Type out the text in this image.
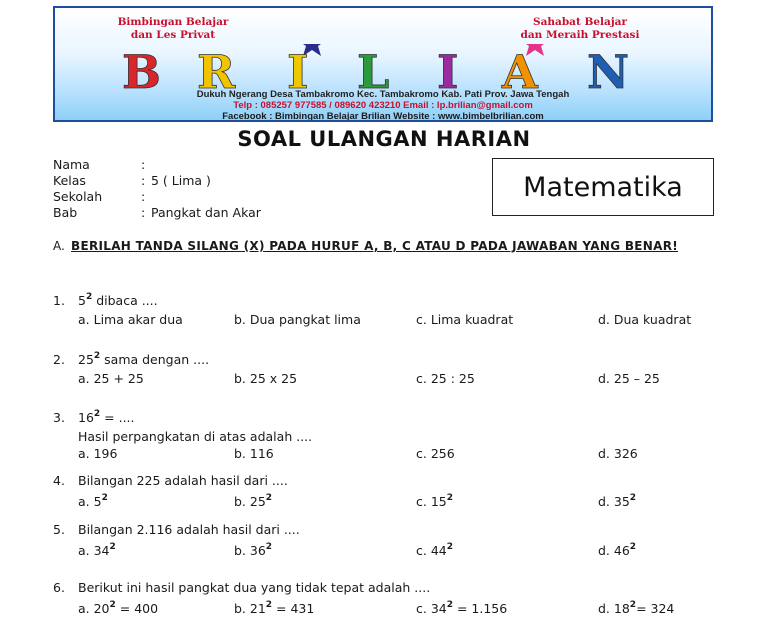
Bimbingan Belajar
dan Les Privat
Sahabat Belajar
dan Meraih Prestasi
B R I L I A N
Dukuh Ngerang Desa Tambakromo Kec. Tambakromo Kab. Pati Prov. Jawa Tengah
Telp : 085257 977585 / 089620 423210 Email : lp.brilian@gmail.com
Facebook : Bimbingan Belajar Brilian Website : www.bimbelbrilian.com
SOAL ULANGAN HARIAN
Nama	:
Kelas	: 5 ( Lima )
Sekolah	:
Bab	: Pangkat dan Akar
Matematika
A. BERILAH TANDA SILANG (X) PADA HURUF A, B, C ATAU D PADA JAWABAN YANG BENAR!
1. $5^2$ dibaca ....
a. Lima akar dua	b. Dua pangkat lima	c. Lima kuadrat	d. Dua kuadrat
2. $25^2$ sama dengan ....
a. 25 + 25	b. 25 x 25	c. 25 : 25	d. 25 – 25
3. $16^2$ = ....
Hasil perpangkatan di atas adalah ....
a. 196	b. 116	c. 256	d. 326
4. Bilangan 225 adalah hasil dari ....
a. $5^2$	b. $25^2$	c. $15^2$	d. $35^2$
5. Bilangan 2.116 adalah hasil dari ....
a. $34^2$	b. $36^2$	c. $44^2$	d. $46^2$
6. Berikut ini hasil pangkat dua yang tidak tepat adalah ....
a. $20^2 = 400$	b. $21^2 = 431$	c. $34^2 = 1.156$	d. $18^2= 324$
